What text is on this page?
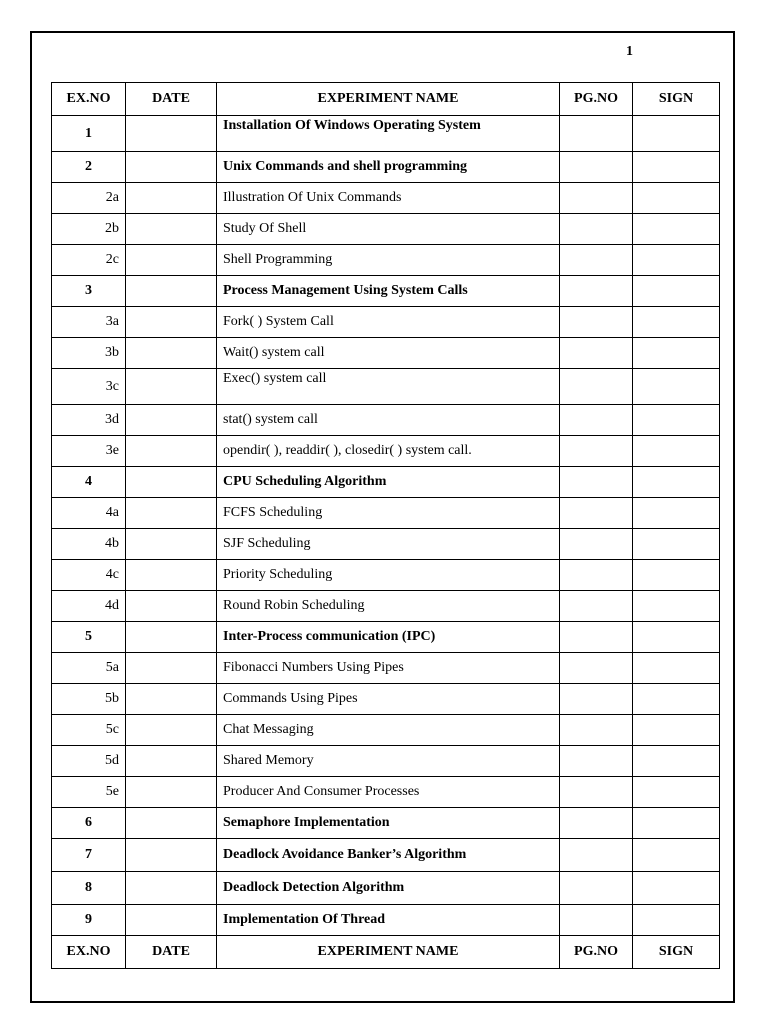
1
EX.NO	DATE	EXPERIMENT NAME	PG.NO	SIGN
1		Installation Of Windows Operating System		
2		Unix Commands and shell programming		
2a		Illustration Of Unix Commands		
2b		Study Of Shell		
2c		Shell Programming		
3		Process Management Using System Calls		
3a		Fork( ) System Call		
3b		Wait() system call		
3c		Exec() system call		
3d		stat() system call		
3e		opendir( ), readdir( ), closedir( ) system call.		
4		CPU Scheduling Algorithm		
4a		FCFS Scheduling		
4b		SJF Scheduling		
4c		Priority Scheduling		
4d		Round Robin Scheduling		
5		Inter-Process communication (IPC)		
5a		Fibonacci Numbers Using Pipes		
5b		Commands Using Pipes		
5c		Chat Messaging		
5d		Shared Memory		
5e		Producer And Consumer Processes		
6		Semaphore Implementation		
7		Deadlock Avoidance Banker’s Algorithm		
8		Deadlock Detection Algorithm		
9		Implementation Of Thread		
EX.NO	DATE	EXPERIMENT NAME	PG.NO	SIGN
